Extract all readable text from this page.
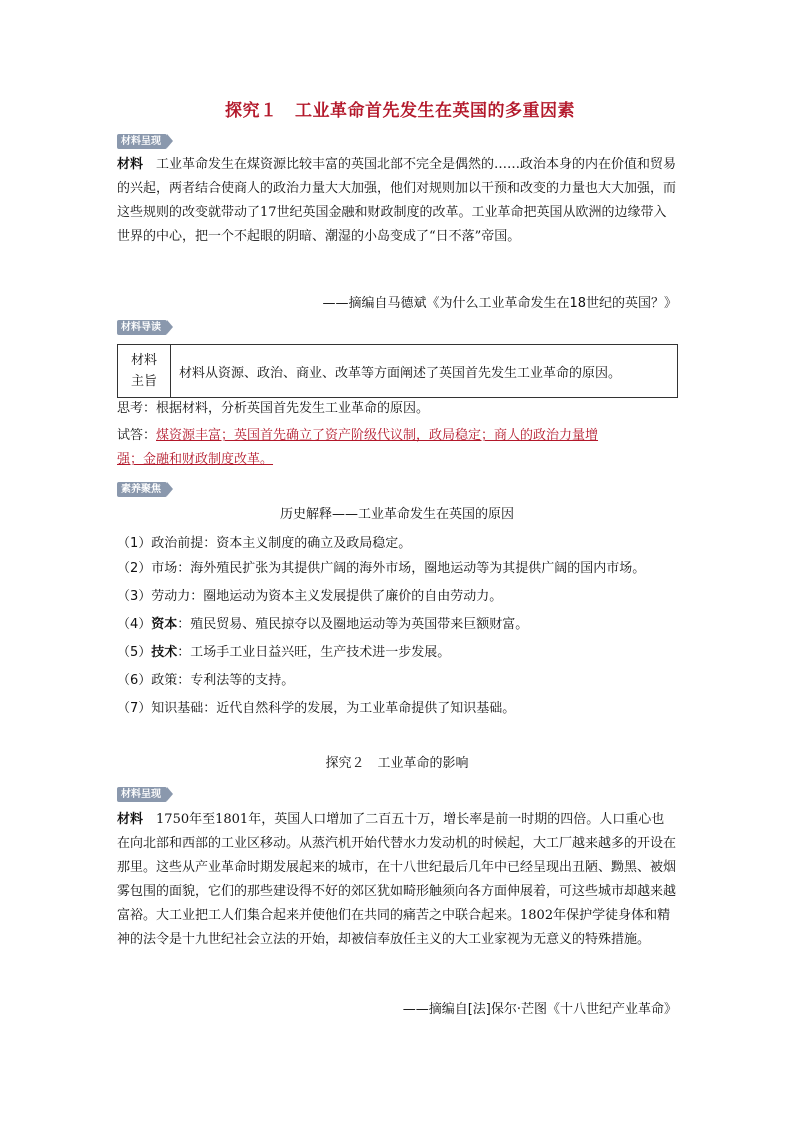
探究１　工业革命首先发生在英国的多重因素
材料呈现
材料　 工业革命发生在煤资源比较丰富的英国北部不完全是偶然的……政治本身的内在价值和贸易的兴起，两者结合使商人的政治力量大大加强，他们对规则加以干预和改变的力量也大大加强，而这些规则的改变就带动了17世纪英国金融和财政制度的改革。工业革命把英国从欧洲的边缘带入世界的中心，把一个不起眼的阴暗、潮湿的小岛变成了“日不落”帝国。
——摘编自马德斌《为什么工业革命发生在18世纪的英国？》
材料导读
材料
主旨
	材料从资源、政治、商业、改革等方面阐述了英国首先发生工业革命的原因。
思考：根据材料，分析英国首先发生工业革命的原因。
试答：煤资源丰富；英国首先确立了资产阶级代议制，政局稳定；商人的政治力量增
强；金融和财政制度改革。
素养聚焦
历史解释——工业革命发生在英国的原因
（1）政治前提：资本主义制度的确立及政局稳定。
（2）市场：海外殖民扩张为其提供广阔的海外市场，圈地运动等为其提供广阔的国内市场。
（3）劳动力：圈地运动为资本主义发展提供了廉价的自由劳动力。
（4）资本：殖民贸易、殖民掠夺以及圈地运动等为英国带来巨额财富。
（5）技术：工场手工业日益兴旺，生产技术进一步发展。
（6）政策：专利法等的支持。
（7）知识基础：近代自然科学的发展，为工业革命提供了知识基础。
探究２　工业革命的影响
材料呈现
材料　 1750年至1801年，英国人口增加了二百五十万，增长率是前一时期的四倍。人口重心也在向北部和西部的工业区移动。从蒸汽机开始代替水力发动机的时候起，大工厂越来越多的开设在那里。这些从产业革命时期发展起来的城市，在十八世纪最后几年中已经呈现出丑陋、黝黑、被烟雾包围的面貌，它们的那些建设得不好的郊区犹如畸形触须向各方面伸展着，可这些城市却越来越富裕。大工业把工人们集合起来并使他们在共同的痛苦之中联合起来。1802年保护学徒身体和精神的法令是十九世纪社会立法的开始，却被信奉放任主义的大工业家视为无意义的特殊措施。
——摘编自[法]保尔·芒图《十八世纪产业革命》
